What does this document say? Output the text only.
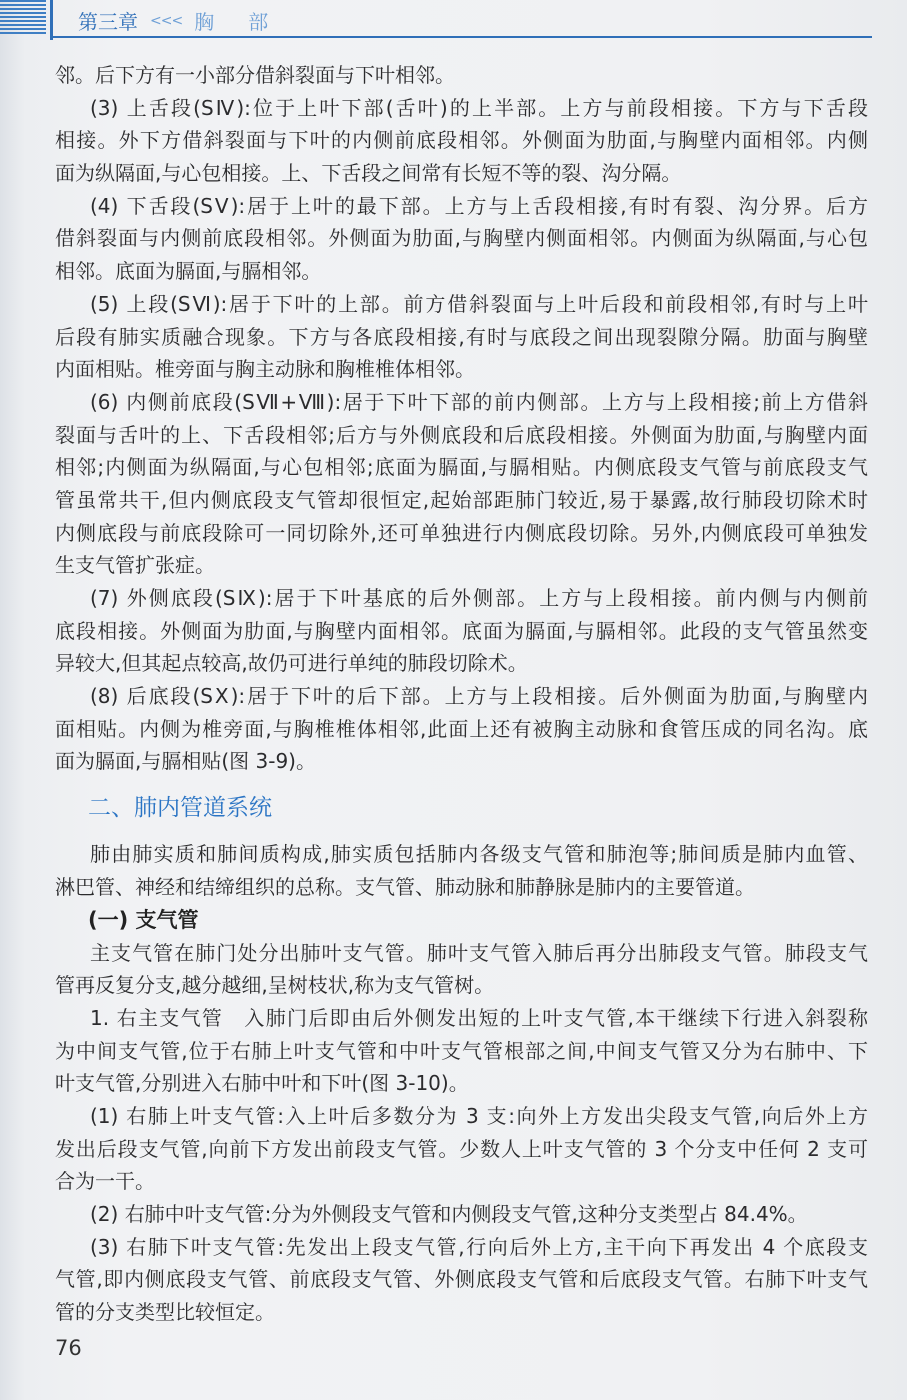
第三章 <<< 胸部
邻。后下方有一小部分借斜裂面与下叶相邻。
(3) 上舌段(SⅣ):位于上叶下部(舌叶)的上半部。上方与前段相接。下方与下舌段
相接。外下方借斜裂面与下叶的内侧前底段相邻。外侧面为肋面,与胸壁内面相邻。内侧
面为纵隔面,与心包相接。上、下舌段之间常有长短不等的裂、沟分隔。
(4) 下舌段(SⅤ):居于上叶的最下部。上方与上舌段相接,有时有裂、沟分界。后方
借斜裂面与内侧前底段相邻。外侧面为肋面,与胸壁内侧面相邻。内侧面为纵隔面,与心包
相邻。底面为膈面,与膈相邻。
(5) 上段(SⅥ):居于下叶的上部。前方借斜裂面与上叶后段和前段相邻,有时与上叶
后段有肺实质融合现象。下方与各底段相接,有时与底段之间出现裂隙分隔。肋面与胸壁
内面相贴。椎旁面与胸主动脉和胸椎椎体相邻。
(6) 内侧前底段(SⅦ+Ⅷ):居于下叶下部的前内侧部。上方与上段相接;前上方借斜
裂面与舌叶的上、下舌段相邻;后方与外侧底段和后底段相接。外侧面为肋面,与胸壁内面
相邻;内侧面为纵隔面,与心包相邻;底面为膈面,与膈相贴。内侧底段支气管与前底段支气
管虽常共干,但内侧底段支气管却很恒定,起始部距肺门较近,易于暴露,故行肺段切除术时
内侧底段与前底段除可一同切除外,还可单独进行内侧底段切除。另外,内侧底段可单独发
生支气管扩张症。
(7) 外侧底段(SⅨ):居于下叶基底的后外侧部。上方与上段相接。前内侧与内侧前
底段相接。外侧面为肋面,与胸壁内面相邻。底面为膈面,与膈相邻。此段的支气管虽然变
异较大,但其起点较高,故仍可进行单纯的肺段切除术。
(8) 后底段(SⅩ):居于下叶的后下部。上方与上段相接。后外侧面为肋面,与胸壁内
面相贴。内侧为椎旁面,与胸椎椎体相邻,此面上还有被胸主动脉和食管压成的同名沟。底
面为膈面,与膈相贴(图 3-9)。
二、肺内管道系统
肺由肺实质和肺间质构成,肺实质包括肺内各级支气管和肺泡等;肺间质是肺内血管、
淋巴管、神经和结缔组织的总称。支气管、肺动脉和肺静脉是肺内的主要管道。
(一) 支气管
主支气管在肺门处分出肺叶支气管。肺叶支气管入肺后再分出肺段支气管。肺段支气
管再反复分支,越分越细,呈树枝状,称为支气管树。
1. 右主支气管　入肺门后即由后外侧发出短的上叶支气管,本干继续下行进入斜裂称
为中间支气管,位于右肺上叶支气管和中叶支气管根部之间,中间支气管又分为右肺中、下
叶支气管,分别进入右肺中叶和下叶(图 3-10)。
(1) 右肺上叶支气管:入上叶后多数分为 3 支:向外上方发出尖段支气管,向后外上方
发出后段支气管,向前下方发出前段支气管。少数人上叶支气管的 3 个分支中任何 2 支可
合为一干。
(2) 右肺中叶支气管:分为外侧段支气管和内侧段支气管,这种分支类型占 84.4%。
(3) 右肺下叶支气管:先发出上段支气管,行向后外上方,主干向下再发出 4 个底段支
气管,即内侧底段支气管、前底段支气管、外侧底段支气管和后底段支气管。右肺下叶支气
管的分支类型比较恒定。
76
